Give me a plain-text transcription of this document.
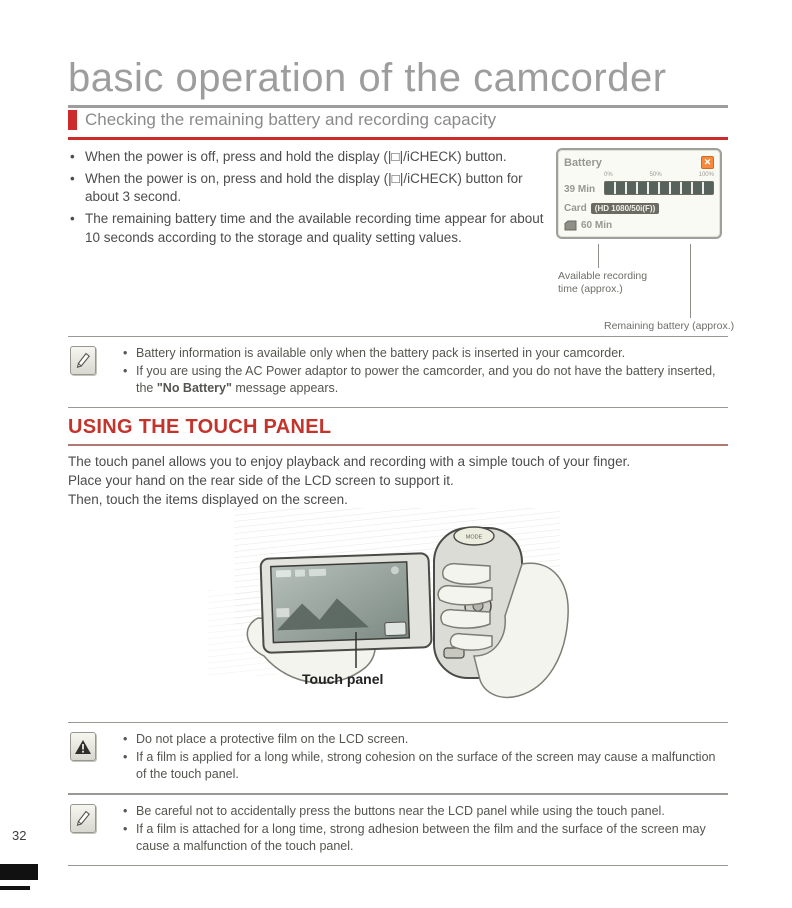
basic operation of the camcorder
Checking the remaining battery and recording capacity
• When the power is off, press and hold the display (|□|/iCHECK) button.
• When the power is on, press and hold the display (|□|/iCHECK) button for about 3 second.
• The remaining battery time and the available recording time appear for about 10 seconds according to the storage and quality setting values.
Battery	✕
39 Min
0%	50%	100%
Card	(HD 1080/50i(F))
60 Min
Available recording time (approx.)
Remaining battery (approx.)
• Battery information is available only when the battery pack is inserted in your camcorder.
• If you are using the AC Power adaptor to power the camcorder, and you do not have the battery inserted, the "No Battery" message appears.
USING THE TOUCH PANEL
The touch panel allows you to enjoy playback and recording with a simple touch of your finger.
Place your hand on the rear side of the LCD screen to support it.
Then, touch the items displayed on the screen.
MODE
Touch panel
• Do not place a protective film on the LCD screen.
• If a film is applied for a long while, strong cohesion on the surface of the screen may cause a malfunction of the touch panel.
• Be careful not to accidentally press the buttons near the LCD panel while using the touch panel.
• If a film is attached for a long time, strong adhesion between the film and the surface of the screen may cause a malfunction of the touch panel.
32
